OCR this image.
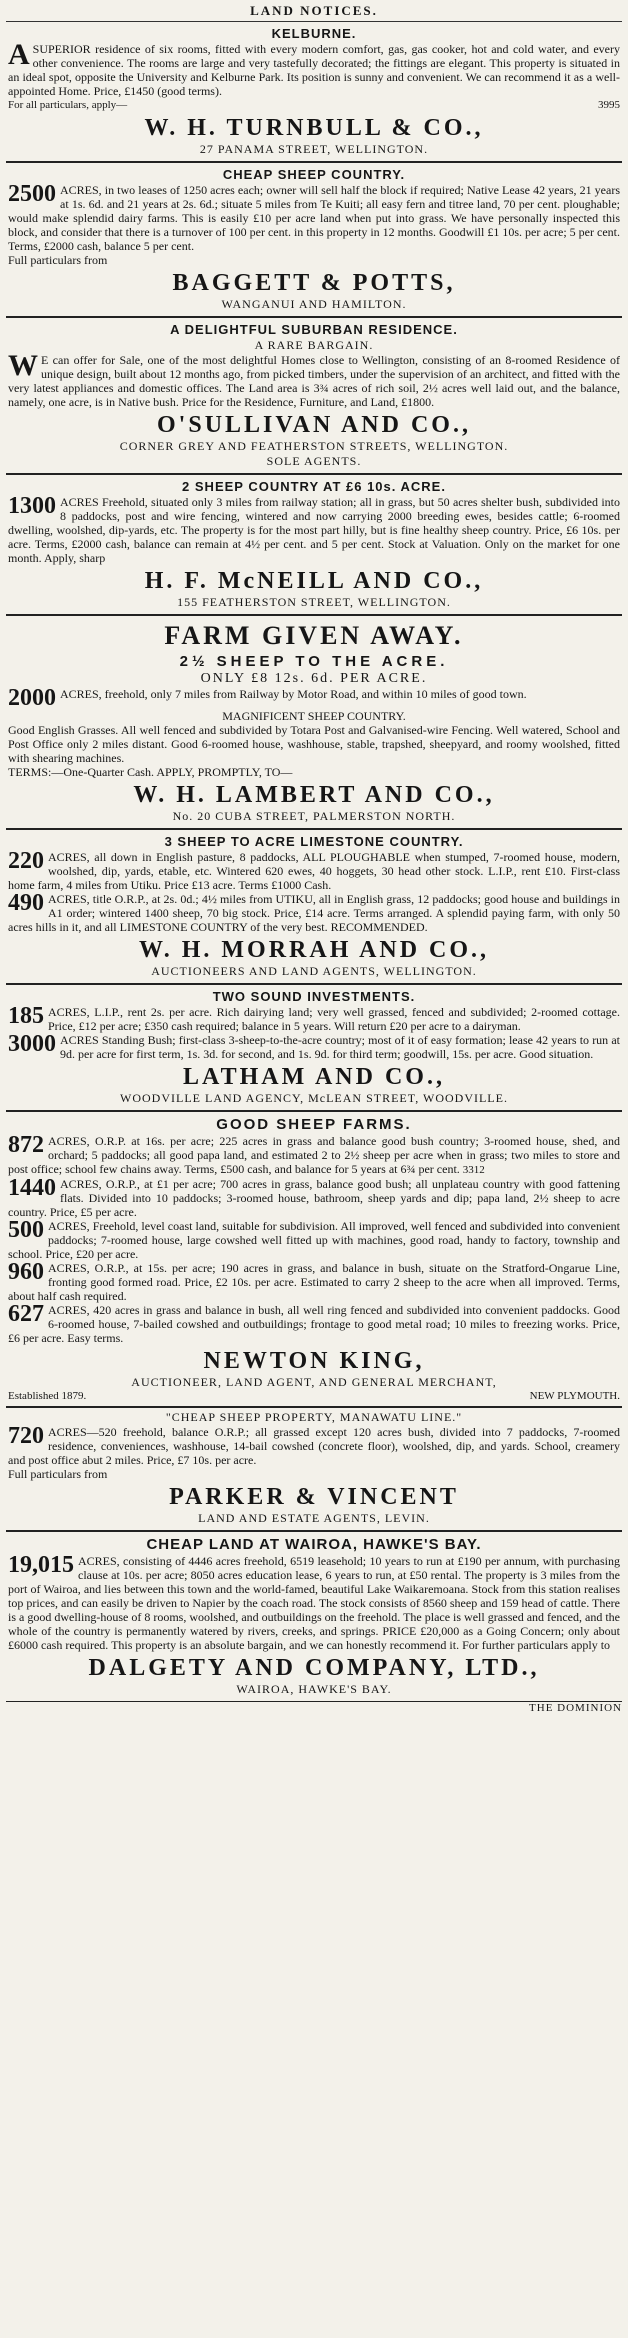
LAND NOTICES.
KELBURNE.

ASUPERIOR residence of six rooms, fitted with every modern comfort, gas, gas cooker, hot and cold water, and every other convenience. The rooms are large and very tastefully decorated; the fittings are elegant. This property is situated in an ideal spot, opposite the University and Kelburne Park. Its position is sunny and convenient. We can recommend it as a well-appointed Home. Price, £1450 (good terms).

For all particulars, apply—	3995
W. H. TURNBULL & CO.,
27 PANAMA STREET, WELLINGTON.
CHEAP SHEEP COUNTRY.

2500 ACRES, in two leases of 1250 acres each; owner will sell half the block if required; Native Lease 42 years, 21 years at 1s. 6d. and 21 years at 2s. 6d.; situate 5 miles from Te Kuiti; all easy fern and titree land, 70 per cent. ploughable; would make splendid dairy farms. This is easily £10 per acre land when put into grass. We have personally inspected this block, and consider that there is a turnover of 100 per cent. in this property in 12 months. Goodwill £1 10s. per acre; 5 per cent. Terms, £2000 cash, balance 5 per cent.

Full particulars from

BAGGETT & POTTS,
WANGANUI AND HAMILTON.
A DELIGHTFUL SUBURBAN RESIDENCE.
A RARE BARGAIN.

W E can offer for Sale, one of the most delightful Homes close to Wellington, consisting of an 8-roomed Residence of unique design, built about 12 months ago, from picked timbers, under the supervision of an architect, and fitted with the very latest appliances and domestic offices. The Land area is 3¾ acres of rich soil, 2½ acres well laid out, and the balance, namely, one acre, is in Native bush. Price for the Residence, Furniture, and Land, £1800.

O'SULLIVAN AND CO.,
CORNER GREY AND FEATHERSTON STREETS, WELLINGTON.
SOLE AGENTS.
2 SHEEP COUNTRY AT £6 10s. ACRE.

1300 ACRES Freehold, situated only 3 miles from railway station; all in grass, but 50 acres shelter bush, subdivided into 8 paddocks, post and wire fencing, wintered and now carrying 2000 breeding ewes, besides cattle; 6-roomed dwelling, woolshed, dip-yards, etc. The property is for the most part hilly, but is fine healthy sheep country. Price, £6 10s. per acre. Terms, £2000 cash, balance can remain at 4½ per cent. and 5 per cent. Stock at Valuation. Only on the market for one month. Apply, sharp

H. F. McNEILL AND CO.,
155 FEATHERSTON STREET, WELLINGTON.
FARM GIVEN AWAY.
2½ SHEEP TO THE ACRE.
ONLY £8 12s. 6d. PER ACRE.

2000 ACRES, freehold, only 7 miles from Railway by Motor Road, and within 10 miles of good town.

MAGNIFICENT SHEEP COUNTRY.

Good English Grasses. All well fenced and subdivided by Totara Post and Galvanised-wire Fencing. Well watered, School and Post Office only 2 miles distant. Good 6-roomed house, washhouse, stable, trapshed, sheepyard, and roomy woolshed, fitted with shearing machines.

TERMS:—One-Quarter Cash. APPLY, PROMPTLY, TO—

W. H. LAMBERT AND CO.,
No. 20 CUBA STREET, PALMERSTON NORTH.
3 SHEEP TO ACRE LIMESTONE COUNTRY.

220 ACRES, all down in English pasture, 8 paddocks, ALL PLOUGHABLE when stumped, 7-roomed house, modern, woolshed, dip, yards, etable, etc. Wintered 620 ewes, 40 hoggets, 30 head other stock. L.I.P., rent £10. First-class home farm, 4 miles from Utiku. Price £13 acre. Terms £1000 Cash.

490 ACRES, title O.R.P., at 2s. 0d.; 4½ miles from UTIKU, all in English grass, 12 paddocks; good house and buildings in A1 order; wintered 1400 sheep, 70 big stock. Price, £14 acre. Terms arranged. A splendid paying farm, with only 50 acres hills in it, and all LIMESTONE COUNTRY of the very best. RECOMMENDED.

W. H. MORRAH AND CO.,
AUCTIONEERS AND LAND AGENTS, WELLINGTON.
TWO SOUND INVESTMENTS.

185 ACRES, L.I.P., rent 2s. per acre. Rich dairying land; very well grassed, fenced and subdivided; 2-roomed cottage. Price, £12 per acre; £350 cash required; balance in 5 years. Will return £20 per acre to a dairyman.

3000 ACRES Standing Bush; first-class 3-sheep-to-the-acre country; most of it of easy formation; lease 42 years to run at 9d. per acre for first term, 1s. 3d. for second, and 1s. 9d. for third term; goodwill, 15s. per acre. Good situation.

LATHAM AND CO.,
WOODVILLE LAND AGENCY, McLEAN STREET, WOODVILLE.
GOOD SHEEP FARMS.

872 ACRES, O.R.P. at 16s. per acre; 225 acres in grass and balance good bush country; 3-roomed house, shed, and orchard; 5 paddocks; all good papa land, and estimated 2 to 2½ sheep per acre when in grass; two miles to store and post office; school few chains away. Terms, £500 cash, and balance for 5 years at 6¾ per cent. 3312

1440 ACRES, O.R.P., at £1 per acre; 700 acres in grass, balance good bush; all unplateau country with good fattening flats. Divided into 10 paddocks; 3-roomed house, bathroom, sheep yards and dip; papa land, 2½ sheep to acre country. Price, £5 per acre.

500 ACRES, Freehold, level coast land, suitable for subdivision. All improved, well fenced and subdivided into convenient paddocks; 7-roomed house, large cowshed well fitted up with machines, good road, handy to factory, township and school. Price, £20 per acre.

960 ACRES, O.R.P., at 15s. per acre; 190 acres in grass, and balance in bush, situate on the Stratford-Ongarue Line, fronting good formed road. Price, £2 10s. per acre. Estimated to carry 2 sheep to the acre when all improved. Terms, about half cash required.

627 ACRES, 420 acres in grass and balance in bush, all well ring fenced and subdivided into convenient paddocks. Good 6-roomed house, 7-bailed cowshed and outbuildings; frontage to good metal road; 10 miles to freezing works. Price, £6 per acre. Easy terms.

NEWTON KING,
AUCTIONEER, LAND AGENT, AND GENERAL MERCHANT,
Established 1879.	NEW PLYMOUTH.
"CHEAP SHEEP PROPERTY, MANAWATU LINE."

720 ACRES—520 freehold, balance O.R.P.; all grassed except 120 acres bush, divided into 7 paddocks, 7-roomed residence, conveniences, washhouse, 14-bail cowshed (concrete floor), woolshed, dip, and yards. School, creamery and post office abut 2 miles. Price, £7 10s. per acre.

Full particulars from

PARKER & VINCENT
LAND AND ESTATE AGENTS, LEVIN.
CHEAP LAND AT WAIROA, HAWKE'S BAY.

19,015 ACRES, consisting of 4446 acres freehold, 6519 leasehold; 10 years to run at £190 per annum, with purchasing clause at 10s. per acre; 8050 acres education lease, 6 years to run, at £50 rental. The property is 3 miles from the port of Wairoa, and lies between this town and the world-famed, beautiful Lake Waikaremoana. Stock from this station realises top prices, and can easily be driven to Napier by the coach road. The stock consists of 8560 sheep and 159 head of cattle. There is a good dwelling-house of 8 rooms, woolshed, and outbuildings on the freehold. The place is well grassed and fenced, and the whole of the country is permanently watered by rivers, creeks, and springs. PRICE £20,000 as a Going Concern; only about £6000 cash required. This property is an absolute bargain, and we can honestly recommend it. For further particulars apply to

DALGETY AND COMPANY, LTD.,
WAIROA, HAWKE'S BAY.
THE DOMINION
